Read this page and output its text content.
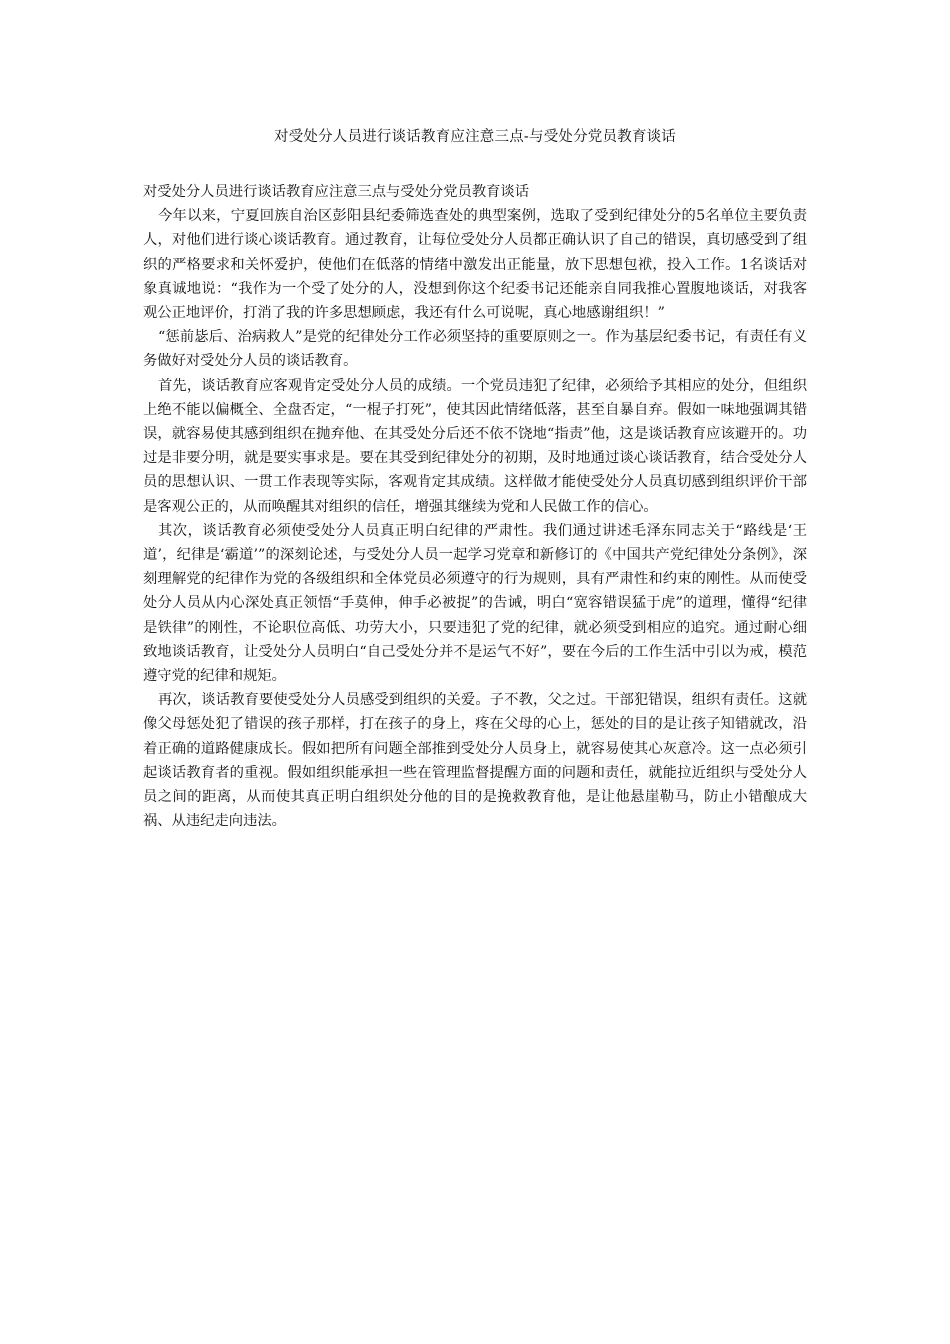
对受处分人员进行谈话教育应注意三点-与受处分党员教育谈话

对受处分人员进行谈话教育应注意三点与受处分党员教育谈话

今年以来，宁夏回族自治区彭阳县纪委筛选查处的典型案例，选取了受到纪律处分的5名单位主要负责人，对他们进行谈心谈话教育。通过教育，让每位受处分人员都正确认识了自己的错误，真切感受到了组织的严格要求和关怀爱护，使他们在低落的情绪中激发出正能量，放下思想包袱，投入工作。1名谈话对象真诚地说：“我作为一个受了处分的人，没想到你这个纪委书记还能亲自同我推心置腹地谈话，对我客观公正地评价，打消了我的许多思想顾虑，我还有什么可说呢，真心地感谢组织！”

“惩前毖后、治病救人”是党的纪律处分工作必须坚持的重要原则之一。作为基层纪委书记，有责任有义务做好对受处分人员的谈话教育。

首先，谈话教育应客观肯定受处分人员的成绩。一个党员违犯了纪律，必须给予其相应的处分，但组织上绝不能以偏概全、全盘否定，“一棍子打死”，使其因此情绪低落，甚至自暴自弃。假如一味地强调其错误，就容易使其感到组织在抛弃他、在其受处分后还不依不饶地“指责”他，这是谈话教育应该避开的。功过是非要分明，就是要实事求是。要在其受到纪律处分的初期，及时地通过谈心谈话教育，结合受处分人员的思想认识、一贯工作表现等实际，客观肯定其成绩。这样做才能使受处分人员真切感到组织评价干部是客观公正的，从而唤醒其对组织的信任，增强其继续为党和人民做工作的信心。

其次，谈话教育必须使受处分人员真正明白纪律的严肃性。我们通过讲述毛泽东同志关于“路线是‘王道’，纪律是‘霸道’”的深刻论述，与受处分人员一起学习党章和新修订的《中国共产党纪律处分条例》，深刻理解党的纪律作为党的各级组织和全体党员必须遵守的行为规则，具有严肃性和约束的刚性。从而使受处分人员从内心深处真正领悟“手莫伸，伸手必被捉”的告诫，明白“宽容错误猛于虎”的道理，懂得“纪律是铁律”的刚性，不论职位高低、功劳大小，只要违犯了党的纪律，就必须受到相应的追究。通过耐心细致地谈话教育，让受处分人员明白“自己受处分并不是运气不好”，要在今后的工作生活中引以为戒，模范遵守党的纪律和规矩。

再次，谈话教育要使受处分人员感受到组织的关爱。子不教，父之过。干部犯错误，组织有责任。这就像父母惩处犯了错误的孩子那样，打在孩子的身上，疼在父母的心上，惩处的目的是让孩子知错就改，沿着正确的道路健康成长。假如把所有问题全部推到受处分人员身上，就容易使其心灰意冷。这一点必须引起谈话教育者的重视。假如组织能承担一些在管理监督提醒方面的问题和责任，就能拉近组织与受处分人员之间的距离，从而使其真正明白组织处分他的目的是挽救教育他，是让他悬崖勒马，防止小错酿成大祸、从违纪走向违法。
